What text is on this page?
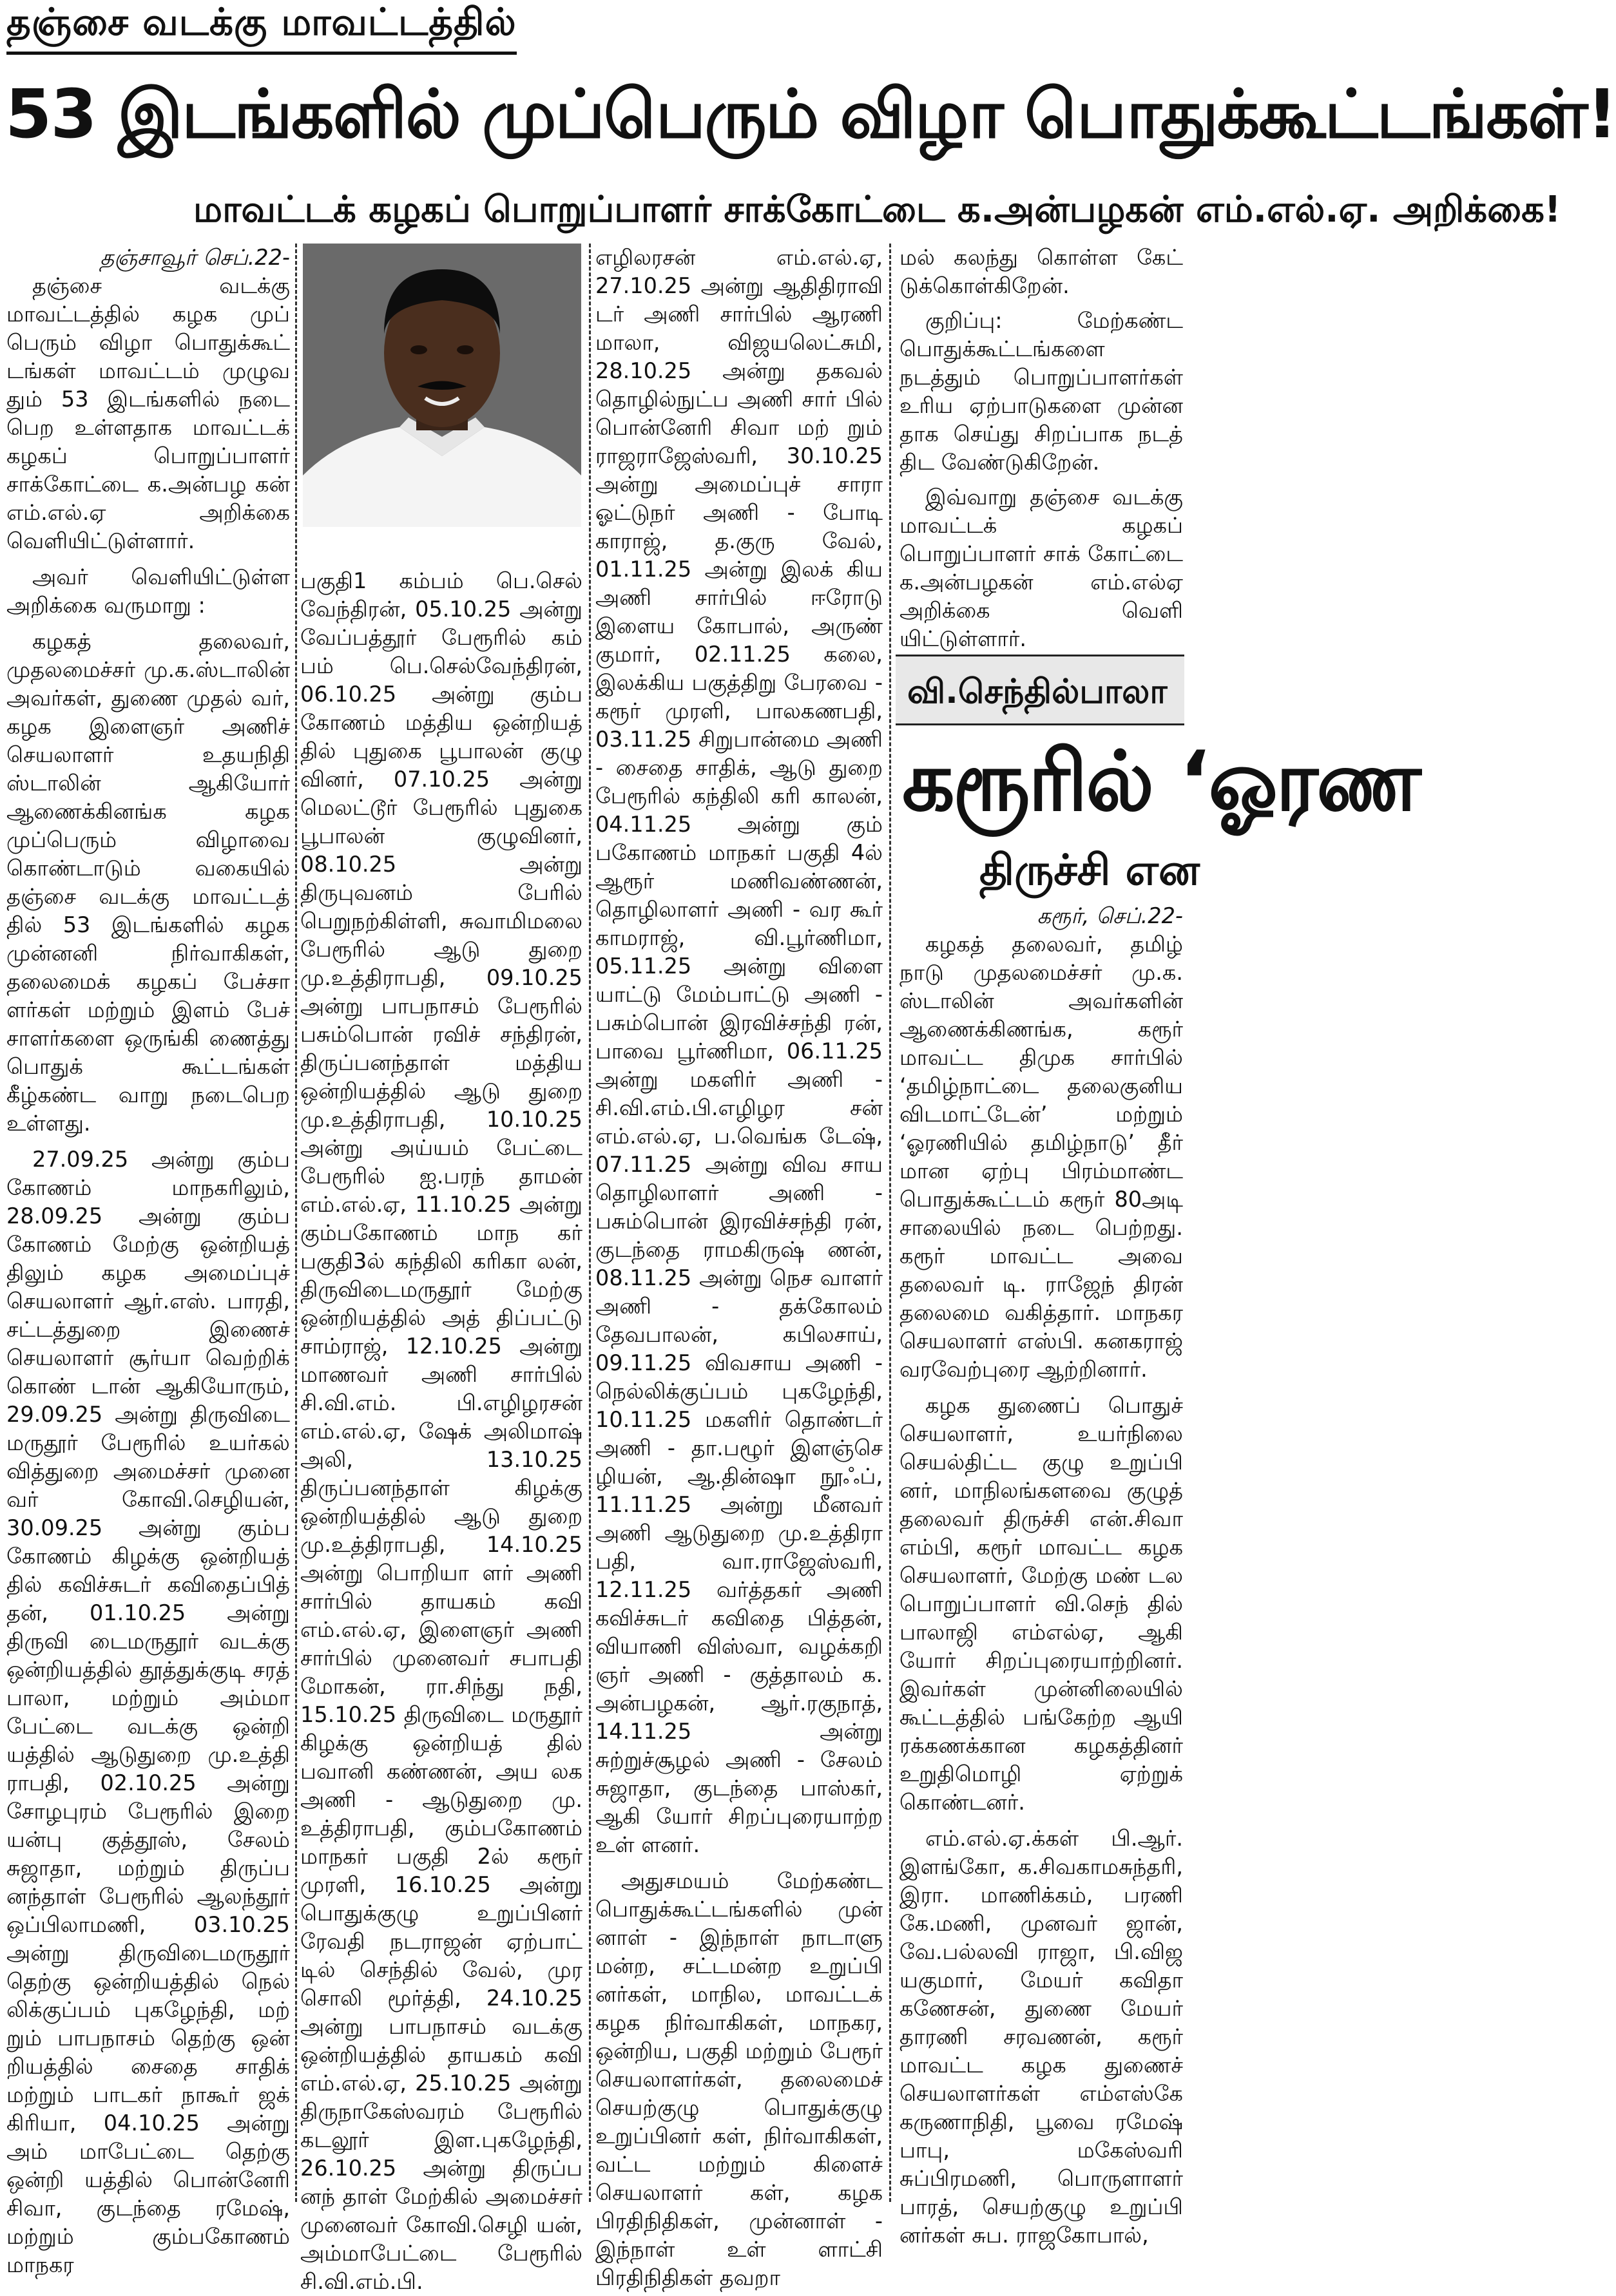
தஞ்சை வடக்கு மாவட்டத்தில்
53 இடங்களில் முப்பெரும் விழா பொதுக்கூட்டங்கள்!
மாவட்டக் கழகப் பொறுப்பாளர் சாக்கோட்டை க.அன்பழகன் எம்.எல்.ஏ. அறிக்கை!

தஞ்சாவூர் செப்.22-

தஞ்சை வடக்கு மாவட்டத்தில் கழக முப் பெரும் விழா பொதுக்கூட் டங்கள் மாவட்டம் முழுவ தும் 53 இடங்களில் நடை பெற உள்ளதாக மாவட்டக் கழகப் பொறுப்பாளர் சாக்கோட்டை க.அன்பழ கன் எம்.எல்.ஏ அறிக்கை வெளியிட்டுள்ளார்.

அவர் வெளியிட்டுள்ள அறிக்கை வருமாறு :

கழகத் தலைவர், முதலமைச்சர் மு.க.ஸ்டாலின் அவர்கள், துணை முதல் வர், கழக இளைஞர் அணிச் செயலாளர் உதயநிதி ஸ்டாலின் ஆகியோர் ஆணைக்கினங்க கழக முப்பெரும் விழாவை கொண்டாடும் வகையில் தஞ்சை வடக்கு மாவட்டத் தில் 53 இடங்களில் கழக முன்னனி நிர்வாகிகள், தலைமைக் கழகப் பேச்சா ளர்கள் மற்றும் இளம் பேச் சாளர்களை ஒருங்கி ணைத்து பொதுக் கூட்டங்கள் கீழ்கண்ட வாறு நடைபெற உள்ளது.

27.09.25 அன்று கும்ப கோணம் மாநகரிலும், 28.09.25 அன்று கும்ப கோணம் மேற்கு ஒன்றியத் திலும் கழக அமைப்புச் செயலாளர் ஆர்.எஸ். பாரதி, சட்டத்துறை இணைச் செயலாளர் சூர்யா வெற்றிக் கொண் டான் ஆகியோரும், 29.09.25 அன்று திருவிடை மருதூர் பேரூரில் உயர்கல் வித்துறை அமைச்சர் முனை வர் கோவி.செழியன், 30.09.25 அன்று கும்ப கோணம் கிழக்கு ஒன்றியத் தில் கவிச்சுடர் கவிதைப்பித் தன், 01.10.25 அன்று திருவி டைமருதூர் வடக்கு ஒன்றியத்தில் தூத்துக்குடி சரத் பாலா, மற்றும் அம்மா பேட்டை வடக்கு ஒன்றி யத்தில் ஆடுதுறை மு.உத்தி ராபதி, 02.10.25 அன்று சோழபுரம் பேரூரில் இறை யன்பு குத்தூஸ், சேலம் சுஜாதா, மற்றும் திருப்ப னந்தாள் பேரூரில் ஆலந்தூர் ஒப்பிலாமணி, 03.10.25 அன்று திருவிடைமருதூர் தெற்கு ஒன்றியத்தில் நெல் லிக்குப்பம் புகழேந்தி, மற் றும் பாபநாசம் தெற்கு ஒன் றியத்தில் சைதை சாதிக் மற்றும் பாடகர் நாகூர் ஜக் கிரியா, 04.10.25 அன்று அம் மாபேட்டை தெற்கு ஒன்றி யத்தில் பொன்னேரி சிவா, குடந்தை ரமேஷ், மற்றும் கும்பகோணம் மாநகர

பகுதி1 கம்பம் பெ.செல் வேந்திரன், 05.10.25 அன்று வேப்பத்தூர் பேரூரில் கம் பம் பெ.செல்வேந்திரன், 06.10.25 அன்று கும்ப கோணம் மத்திய ஒன்றியத் தில் புதுகை பூபாலன் குழு வினர், 07.10.25 அன்று மெலட்டூர் பேரூரில் புதுகை பூபாலன் குழுவினர், 08.10.25 அன்று திருபுவனம் பேரில் பெறுநற்கிள்ளி, சுவாமிமலை பேரூரில் ஆடு துறை மு.உத்திராபதி, 09.10.25 அன்று பாபநாசம் பேரூரில் பசும்பொன் ரவிச் சந்திரன், திருப்பனந்தாள் மத்திய ஒன்றியத்தில் ஆடு துறை மு.உத்திராபதி, 10.10.25 அன்று அய்யம் பேட்டை பேரூரில் ஐ.பரந் தாமன் எம்.எல்.ஏ, 11.10.25 அன்று கும்பகோணம் மாந கர் பகுதி3ல் கந்திலி கரிகா லன், திருவிடைமருதூர் மேற்கு ஒன்றியத்தில் அத் திப்பட்டு சாம்ராஜ், 12.10.25 அன்று மாணவர் அணி சார்பில் சி.வி.எம். பி.எழிழரசன் எம்.எல்.ஏ, ஷேக் அலிமாஷ் அலி, 13.10.25 திருப்பனந்தாள் கிழக்கு ஒன்றியத்தில் ஆடு துறை மு.உத்திராபதி, 14.10.25 அன்று பொறியா ளர் அணி சார்பில் தாயகம் கவி எம்.எல்.ஏ, இளைஞர் அணி சார்பில் முனைவர் சபாபதி மோகன், ரா.சிந்து நதி, 15.10.25 திருவிடை மருதூர் கிழக்கு ஒன்றியத் தில் பவானி கண்ணன், அய லக அணி - ஆடுதுறை மு. உத்திராபதி, கும்பகோணம் மாநகர் பகுதி 2ல் கரூர் முரளி, 16.10.25 அன்று பொதுக்குழு உறுப்பினர் ரேவதி நடராஜன் ஏற்பாட் டில் செந்தில் வேல், முர சொலி மூர்த்தி, 24.10.25 அன்று பாபநாசம் வடக்கு ஒன்றியத்தில் தாயகம் கவி எம்.எல்.ஏ, 25.10.25 அன்று திருநாகேஸ்வரம் பேரூரில் கடலூர் இள.புகழேந்தி, 26.10.25 அன்று திருப்ப னந் தாள் மேற்கில் அமைச்சர் முனைவர் கோவி.செழி யன், அம்மாபேட்டை பேரூரில் சி.வி.எம்.பி.

எழிலரசன் எம்.எல்.ஏ, 27.10.25 அன்று ஆதிதிராவி டர் அணி சார்பில் ஆரணி மாலா, விஜயலெட்சுமி, 28.10.25 அன்று தகவல் தொழில்நுட்ப அணி சார் பில் பொன்னேரி சிவா மற் றும் ராஜராஜேஸ்வரி, 30.10.25 அன்று அமைப்புச் சாரா ஓட்டுநர் அணி - போடி காராஜ், த.குரு வேல், 01.11.25 அன்று இலக் கிய அணி சார்பில் ஈரோடு இளைய கோபால், அருண் குமார், 02.11.25 கலை, இலக்கிய பகுத்திறு பேரவை - கரூர் முரளி, பாலகணபதி, 03.11.25 சிறுபான்மை அணி - சைதை சாதிக், ஆடு துறை பேரூரில் கந்திலி கரி காலன், 04.11.25 அன்று கும் பகோணம் மாநகர் பகுதி 4ல் ஆரூர் மணிவண்ணன், தொழிலாளர் அணி - வர கூர் காமராஜ், வி.பூர்ணிமா, 05.11.25 அன்று விளை யாட்டு மேம்பாட்டு அணி - பசும்பொன் இரவிச்சந்தி ரன், பாவை பூர்ணிமா, 06.11.25 அன்று மகளிர் அணி - சி.வி.எம்.பி.எழிழர சன் எம்.எல்.ஏ, ப.வெங்க டேஷ், 07.11.25 அன்று விவ சாய தொழிலாளர் அணி - பசும்பொன் இரவிச்சந்தி ரன், குடந்தை ராமகிருஷ் ணன், 08.11.25 அன்று நெச வாளர் அணி - தக்கோலம் தேவபாலன், கபிலசாய், 09.11.25 விவசாய அணி - நெல்லிக்குப்பம் புகழேந்தி, 10.11.25 மகளிர் தொண்டர் அணி - தா.பழூர் இளஞ்செ ழியன், ஆ.தின்ஷா நூஃப், 11.11.25 அன்று மீனவர் அணி ஆடுதுறை மு.உத்திரா பதி, வா.ராஜேஸ்வரி, 12.11.25 வர்த்தகர் அணி கவிச்சுடர் கவிதை பித்தன், வியாணி விஸ்வா, வழக்கறி ஞர் அணி - குத்தாலம் க. அன்பழகன், ஆர்.ரகுநாத், 14.11.25 அன்று சுற்றுச்சூழல் அணி - சேலம் சுஜாதா, குடந்தை பாஸ்கர், ஆகி யோர் சிறப்புரையாற்ற உள் ளனர்.

அதுசமயம் மேற்கண்ட பொதுக்கூட்டங்களில் முன் னாள் - இந்நாள் நாடாளு மன்ற, சட்டமன்ற உறுப்பி னர்கள், மாநில, மாவட்டக் கழக நிர்வாகிகள், மாநகர, ஒன்றிய, பகுதி மற்றும் பேரூர் செயலாளர்கள், தலைமைச் செயற்குழு பொதுக்குழு உறுப்பினர் கள், நிர்வாகிகள், வட்ட மற்றும் கிளைச் செயலாளர் கள், கழக பிரதிநிதிகள், முன்னாள் - இந்நாள் உள் ளாட்சி பிரதிநிதிகள் தவறா

மல் கலந்து கொள்ள கேட் டுக்கொள்கிறேன்.

குறிப்பு: மேற்கண்ட பொதுக்கூட்டங்களை நடத்தும் பொறுப்பாளர்கள் உரிய ஏற்பாடுகளை முன்ன தாக செய்து சிறப்பாக நடத் திட வேண்டுகிறேன்.

இவ்வாறு தஞ்சை வடக்கு மாவட்டக் கழகப் பொறுப்பாளர் சாக் கோட்டை க.அன்பழகன் எம்.எல்ஏ அறிக்கை வெளி யிட்டுள்ளார்.

வி.செந்தில்பாலா
கரூரில் ‘ஓரண
திருச்சி என

கரூர், செப்.22-

கழகத் தலைவர், தமிழ் நாடு முதலமைச்சர் மு.க. ஸ்டாலின் அவர்களின் ஆணைக்கிணங்க, கரூர் மாவட்ட திமுக சார்பில் ‘தமிழ்நாட்டை தலைகுனிய விடமாட்டேன்’ மற்றும் ‘ஓரணியில் தமிழ்நாடு’ தீர் மான ஏற்பு பிரம்மாண்ட பொதுக்கூட்டம் கரூர் 80அடி சாலையில் நடை பெற்றது. கரூர் மாவட்ட அவை தலைவர் டி. ராஜேந் திரன் தலைமை வகித்தார். மாநகர செயலாளர் எஸ்பி. கனகராஜ் வரவேற்புரை ஆற்றினார்.

கழக துணைப் பொதுச் செயலாளர், உயர்நிலை செயல்திட்ட குழு உறுப்பி னர், மாநிலங்களவை குழுத் தலைவர் திருச்சி என்.சிவா எம்பி, கரூர் மாவட்ட கழக செயலாளர், மேற்கு மண் டல பொறுப்பாளர் வி.செந் தில் பாலாஜி எம்எல்ஏ, ஆகி யோர் சிறப்புரையாற்றினர். இவர்கள் முன்னிலையில் கூட்டத்தில் பங்கேற்ற ஆயி ரக்கணக்கான கழகத்தினர் உறுதிமொழி ஏற்றுக் கொண்டனர்.

எம்.எல்.ஏ.க்கள் பி.ஆர். இளங்கோ, க.சிவகாமசுந்தரி, இரா. மாணிக்கம், பரணி கே.மணி, முனவர் ஜான், வே.பல்லவி ராஜா, பி.விஜ யகுமார், மேயர் கவிதா கணேசன், துணை மேயர் தாரணி சரவணன், கரூர் மாவட்ட கழக துணைச் செயலாளர்கள் எம்எஸ்கே கருணாநிதி, பூவை ரமேஷ் பாபு, மகேஸ்வரி சுப்பிரமணி, பொருளாளர் பாரத், செயற்குழு உறுப்பி னர்கள் சுப. ராஜகோபால்,
